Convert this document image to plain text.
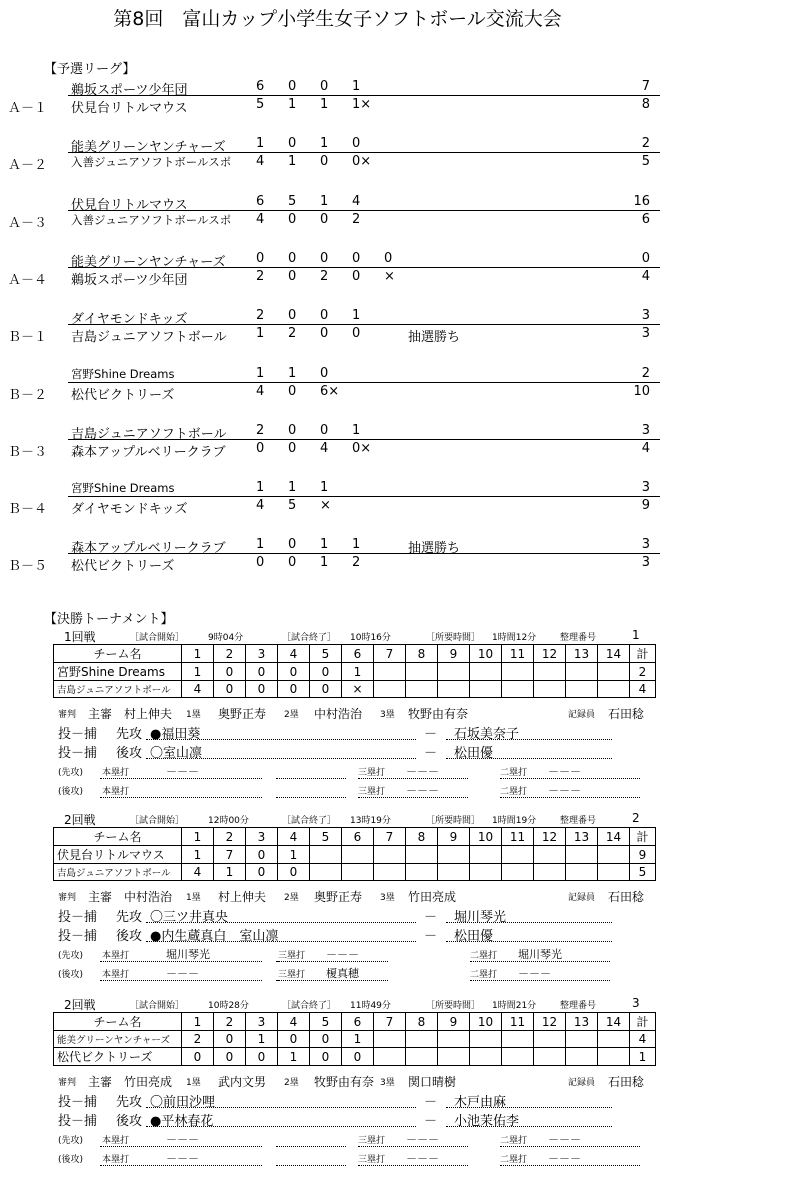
第8回　富山カップ小学生女子ソフトボール交流大会
【予選リーグ】
Ａ－１
鵜坂スポーツ少年団	6 0 0 1	7
伏見台リトルマウス	5 1 1 1×	8
Ａ－２
能美グリーンヤンチャーズ 1 0 1 0	2
入善ジュニアソフトボールスポ 4 1 0 0×	5
Ａ－３
伏見台リトルマウス	6 5 1 4	16
入善ジュニアソフトボールスポ 4 0 0 2	6
Ａ－４
能美グリーンヤンチャーズ 0 0 0 0 0	0
鵜坂スポーツ少年団	2 0 2 0 ×	4
Ｂ－１
ダイヤモンドキッズ	2 0 0 1	3
吉島ジュニアソフトボール 1 2 0 0	抽選勝ち	3
Ｂ－２
宮野Shine Dreams	1 1 0	2
松代ビクトリーズ	4 0 6×	10
Ｂ－３
吉島ジュニアソフトボール 2 0 0 1	3
森本アップルベリークラブ 0 0 4 0×	4
Ｂ－４
宮野Shine Dreams	1 1 1	3
ダイヤモンドキッズ	4 5 ×	9
Ｂ－５
森本アップルベリークラブ 1 0 1 1	抽選勝ち	3
松代ビクトリーズ	0 0 1 2	3
【決勝トーナメント】
1回戦	［試合開始］	9時04分	［試合終了］ 10時16分	［所要時間］ 1時間12分	整理番号	1
チーム名	1	2	3	4	5	6	7	8	9	10	11	12	13	14	計
宮野Shine Dreams	1	0	0	0	0	1									2
吉島ジュニアソフトボール	4	0	0	0	0	×									4
審判 主審 村上伸夫 1塁 奥野正寿 2塁 中村浩治 3塁 牧野由有奈	記録員 石田稔
投－捕 先攻 ●福田葵	－ 石坂美奈子
投－捕 後攻 〇室山凛	－ 松田優
(先攻) 本塁打	－－－	三塁打 －－－	二塁打 －－－
(後攻) 本塁打	三塁打 －－－	二塁打 －－－
2回戦	［試合開始］	12時00分	［試合終了］ 13時19分	［所要時間］ 1時間19分	整理番号	2
チーム名	1	2	3	4	5	6	7	8	9	10	11	12	13	14	計
伏見台リトルマウス	1	7	0	1											9
吉島ジュニアソフトボール	4	1	0	0											5
審判 主審 中村浩治 1塁 村上伸夫 2塁 奥野正寿 3塁 竹田亮成	記録員 石田稔
投－捕 先攻 〇三ツ井真央	－ 堀川琴光
投－捕 後攻 ●内生蔵真白　室山凛	－ 松田優
(先攻) 本塁打	堀川琴光	三塁打 －－－	二塁打 堀川琴光
(後攻) 本塁打	－－－	三塁打 榎真穂	二塁打 －－－
2回戦	［試合開始］	10時28分	［試合終了］ 11時49分	［所要時間］ 1時間21分	整理番号	3
チーム名	1	2	3	4	5	6	7	8	9	10	11	12	13	14	計
能美グリーンヤンチャーズ	2	0	1	0	0	1									4
松代ビクトリーズ	0	0	0	1	0	0									1
審判 主審 竹田亮成 1塁 武内文男 2塁 牧野由有奈 3塁 関口晴樹	記録員 石田稔
投－捕 先攻 〇前田沙哩	－ 木戸由麻
投－捕 後攻 ●平林春花	－ 小池茉佑李
(先攻) 本塁打	－－－	三塁打 －－－	二塁打 －－－
(後攻) 本塁打	－－－	三塁打 －－－	二塁打 －－－
